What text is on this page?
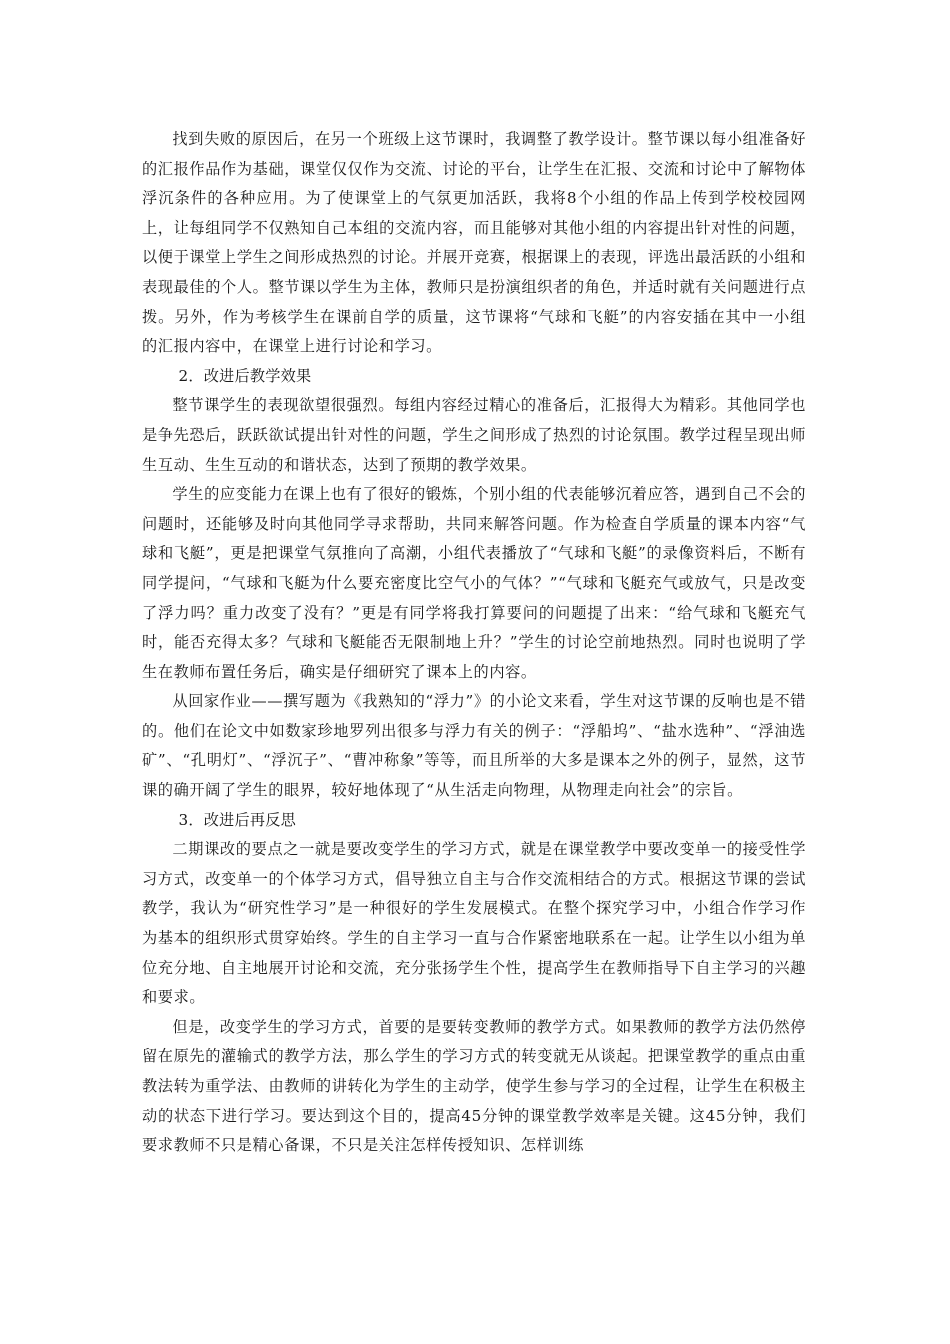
找到失败的原因后，在另一个班级上这节课时，我调整了教学设计。整节课以每小组准备好的汇报作品作为基础，课堂仅仅作为交流、讨论的平台，让学生在汇报、交流和讨论中了解物体浮沉条件的各种应用。为了使课堂上的气氛更加活跃，我将8个小组的作品上传到学校校园网上，让每组同学不仅熟知自己本组的交流内容，而且能够对其他小组的内容提出针对性的问题，以便于课堂上学生之间形成热烈的讨论。并展开竞赛，根据课上的表现，评选出最活跃的小组和表现最佳的个人。整节课以学生为主体，教师只是扮演组织者的角色，并适时就有关问题进行点拨。另外，作为考核学生在课前自学的质量，这节课将“气球和飞艇”的内容安插在其中一小组的汇报内容中，在课堂上进行讨论和学习。

2．改进后教学效果

整节课学生的表现欲望很强烈。每组内容经过精心的准备后，汇报得大为精彩。其他同学也是争先恐后，跃跃欲试提出针对性的问题，学生之间形成了热烈的讨论氛围。教学过程呈现出师生互动、生生互动的和谐状态，达到了预期的教学效果。

学生的应变能力在课上也有了很好的锻炼，个别小组的代表能够沉着应答，遇到自己不会的问题时，还能够及时向其他同学寻求帮助，共同来解答问题。作为检查自学质量的课本内容“气球和飞艇”，更是把课堂气氛推向了高潮，小组代表播放了“气球和飞艇”的录像资料后，不断有同学提问，“气球和飞艇为什么要充密度比空气小的气体？”“气球和飞艇充气或放气，只是改变了浮力吗？重力改变了没有？”更是有同学将我打算要问的问题提了出来：“给气球和飞艇充气时，能否充得太多？气球和飞艇能否无限制地上升？”学生的讨论空前地热烈。同时也说明了学生在教师布置任务后，确实是仔细研究了课本上的内容。

从回家作业——撰写题为《我熟知的“浮力”》的小论文来看，学生对这节课的反响也是不错的。他们在论文中如数家珍地罗列出很多与浮力有关的例子：“浮船坞”、“盐水选种”、“浮油选矿”、“孔明灯”、“浮沉子”、“曹冲称象”等等，而且所举的大多是课本之外的例子，显然，这节课的确开阔了学生的眼界，较好地体现了“从生活走向物理，从物理走向社会”的宗旨。

3．改进后再反思

二期课改的要点之一就是要改变学生的学习方式，就是在课堂教学中要改变单一的接受性学习方式，改变单一的个体学习方式，倡导独立自主与合作交流相结合的方式。根据这节课的尝试教学，我认为“研究性学习”是一种很好的学生发展模式。在整个探究学习中，小组合作学习作为基本的组织形式贯穿始终。学生的自主学习一直与合作紧密地联系在一起。让学生以小组为单位充分地、自主地展开讨论和交流，充分张扬学生个性，提高学生在教师指导下自主学习的兴趣和要求。

但是，改变学生的学习方式，首要的是要转变教师的教学方式。如果教师的教学方法仍然停留在原先的灌输式的教学方法，那么学生的学习方式的转变就无从谈起。把课堂教学的重点由重教法转为重学法、由教师的讲转化为学生的主动学，使学生参与学习的全过程，让学生在积极主动的状态下进行学习。要达到这个目的，提高45分钟的课堂教学效率是关键。这45分钟，我们要求教师不只是精心备课，不只是关注怎样传授知识、怎样训练
